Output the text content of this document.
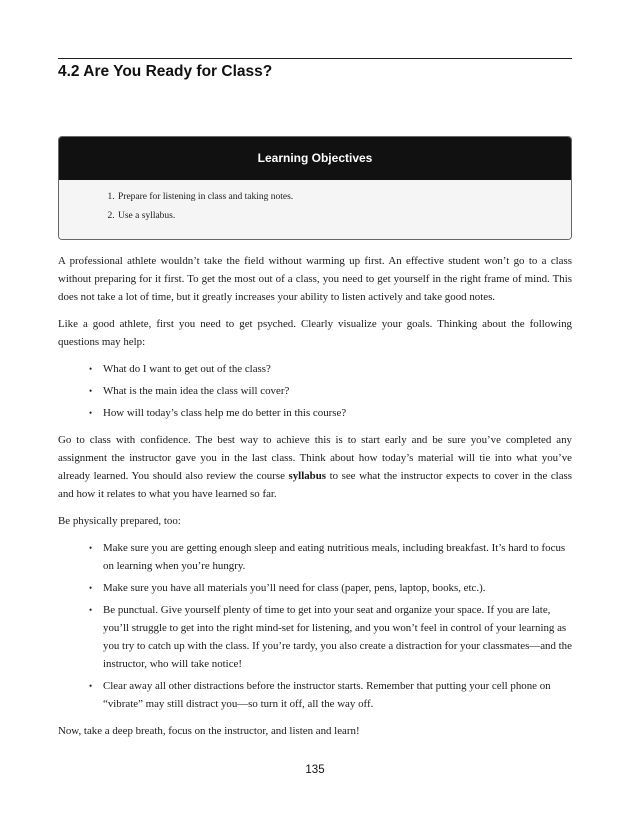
4.2 Are You Ready for Class?
Learning Objectives
1. Prepare for listening in class and taking notes.
2. Use a syllabus.

A professional athlete wouldn’t take the field without warming up first. An effective student won’t go to a class without preparing for it first. To get the most out of a class, you need to get yourself in the right frame of mind. This does not take a lot of time, but it greatly increases your ability to listen actively and take good notes.

Like a good athlete, first you need to get psyched. Clearly visualize your goals. Thinking about the following questions may help:

• What do I want to get out of the class?
• What is the main idea the class will cover?
• How will today’s class help me do better in this course?

Go to class with confidence. The best way to achieve this is to start early and be sure you’ve completed any assignment the instructor gave you in the last class. Think about how today’s material will tie into what you’ve already learned. You should also review the course syllabus to see what the instructor expects to cover in the class and how it relates to what you have learned so far.

Be physically prepared, too:

• Make sure you are getting enough sleep and eating nutritious meals, including breakfast. It’s hard to focus on learning when you’re hungry.
• Make sure you have all materials you’ll need for class (paper, pens, laptop, books, etc.).
• Be punctual. Give yourself plenty of time to get into your seat and organize your space. If you are late, you’ll struggle to get into the right mind-set for listening, and you won’t feel in control of your learning as you try to catch up with the class. If you’re tardy, you also create a distraction for your classmates—and the instructor, who will take notice!
• Clear away all other distractions before the instructor starts. Remember that putting your cell phone on “vibrate” may still distract you—so turn it off, all the way off.

Now, take a deep breath, focus on the instructor, and listen and learn!

135
